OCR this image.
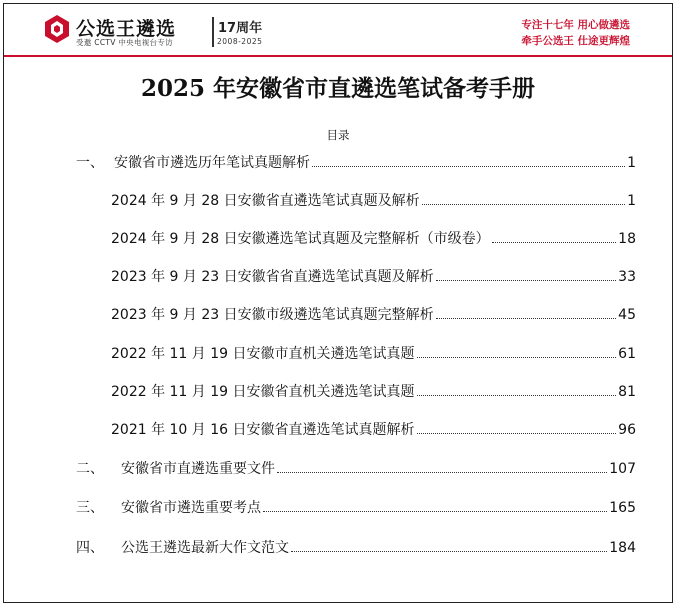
公选王遴选
受邀 CCTV 中央电视台专访
17周年
2008-2025
专注十七年 用心做遴选
牵手公选王 仕途更辉煌
2025 年安徽省市直遴选笔试备考手册
目录
一、 安徽省市遴选历年笔试真题解析	1
2024 年 9 月 28 日安徽省直遴选笔试真题及解析	1
2024 年 9 月 28 日安徽遴选笔试真题及完整解析（市级卷）	18
2023 年 9 月 23 日安徽省省直遴选笔试真题及解析	33
2023 年 9 月 23 日安徽市级遴选笔试真题完整解析	45
2022 年 11 月 19 日安徽市直机关遴选笔试真题	61
2022 年 11 月 19 日安徽省直机关遴选笔试真题	81
2021 年 10 月 16 日安徽省直遴选笔试真题解析	96
二、	安徽省市直遴选重要文件	107
三、	安徽省市遴选重要考点	165
四、	公选王遴选最新大作文范文	184
